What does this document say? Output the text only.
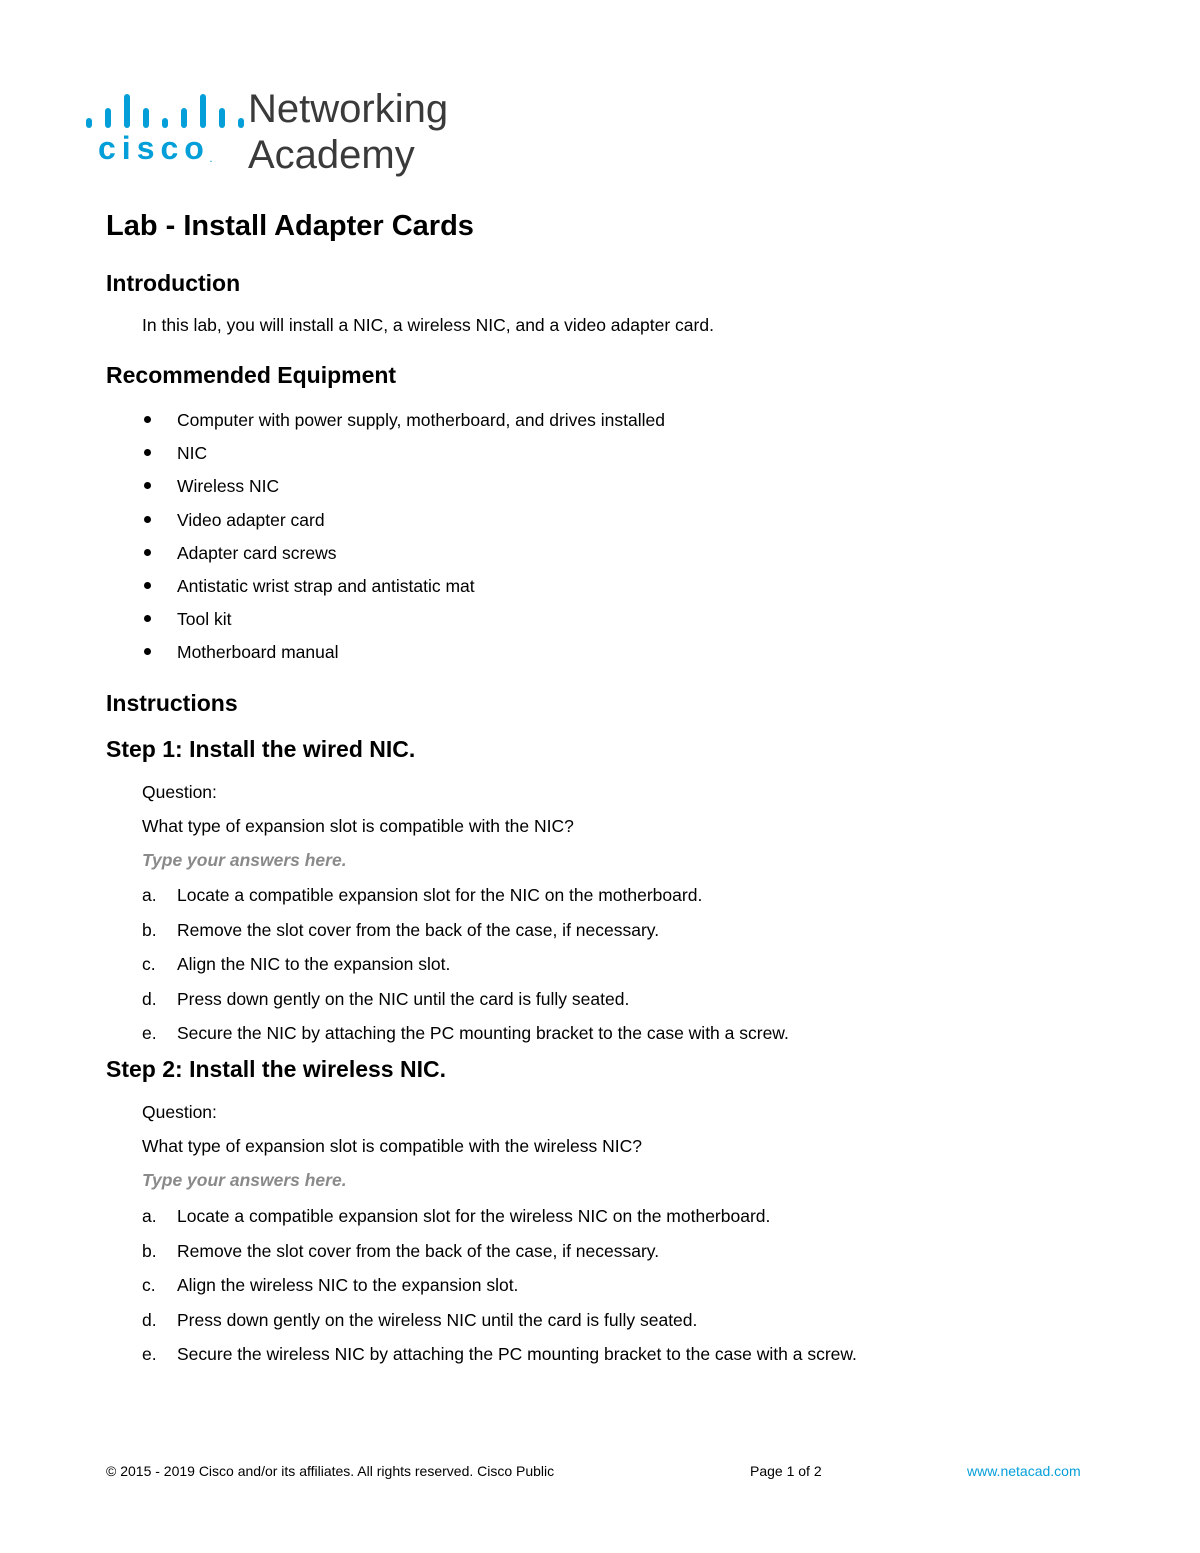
cisco.
Networking
Academy
Lab - Install Adapter Cards
Introduction

In this lab, you will install a NIC, a wireless NIC, and a video adapter card.

Recommended Equipment
Computer with power supply, motherboard, and drives installed
NIC
Wireless NIC
Video adapter card
Adapter card screws
Antistatic wrist strap and antistatic mat
Tool kit
Motherboard manual
Instructions
Step 1: Install the wired NIC.

Question:

What type of expansion slot is compatible with the NIC?

Type your answers here.

a. Locate a compatible expansion slot for the NIC on the motherboard.
b. Remove the slot cover from the back of the case, if necessary.
c. Align the NIC to the expansion slot.
d. Press down gently on the NIC until the card is fully seated.
e. Secure the NIC by attaching the PC mounting bracket to the case with a screw.
Step 2: Install the wireless NIC.

Question:

What type of expansion slot is compatible with the wireless NIC?

Type your answers here.

a. Locate a compatible expansion slot for the wireless NIC on the motherboard.
b. Remove the slot cover from the back of the case, if necessary.
c. Align the wireless NIC to the expansion slot.
d. Press down gently on the wireless NIC until the card is fully seated.
e. Secure the wireless NIC by attaching the PC mounting bracket to the case with a screw.

© 2015 - 2019 Cisco and/or its affiliates. All rights reserved. Cisco Public	Page 1 of 2	www.netacad.com
